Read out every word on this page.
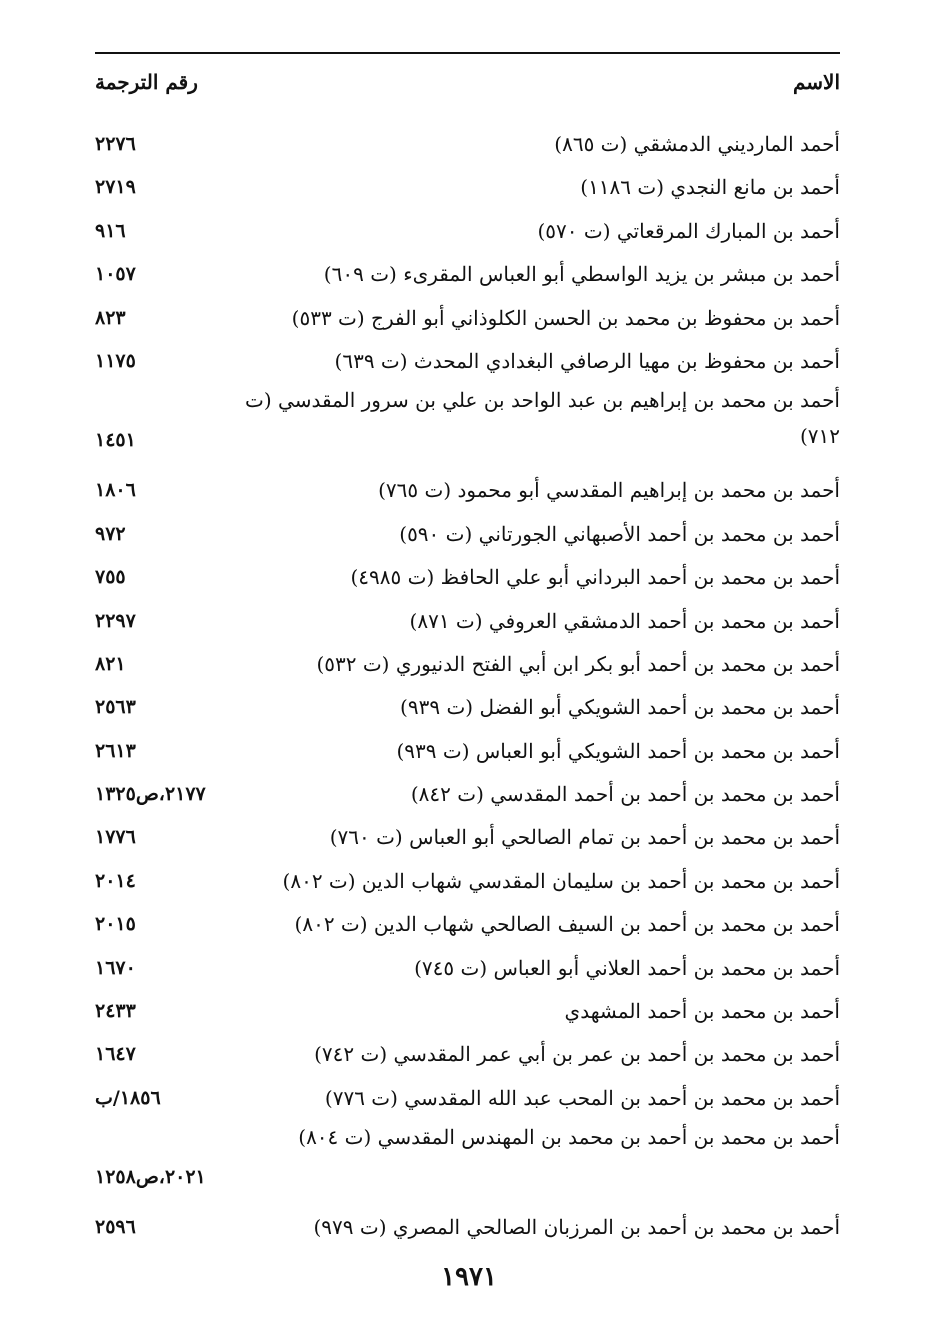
الاسم
رقم الترجمة
أحمد المارديني الدمشقي (ت ٨٦٥)
٢٢٧٦
أحمد بن مانع النجدي (ت ١١٨٦)
٢٧١٩
أحمد بن المبارك المرقعاتي (ت ٥٧٠)
٩١٦
أحمد بن مبشر بن يزيد الواسطي أبو العباس المقرىء (ت ٦٠٩)
١٠٥٧
أحمد بن محفوظ بن محمد بن الحسن الكلوذاني أبو الفرج (ت ٥٣٣)
٨٢٣
أحمد بن محفوظ بن مهيا الرصافي البغدادي المحدث (ت ٦٣٩)
١١٧٥
أحمد بن محمد بن إبراهيم بن عبد الواحد بن علي بن سرور المقدسي (ت ٧١٢)
١٤٥١
أحمد بن محمد بن إبراهيم المقدسي أبو محمود (ت ٧٦٥)
١٨٠٦
أحمد بن محمد بن أحمد الأصبهاني الجورتاني (ت ٥٩٠)
٩٧٢
أحمد بن محمد بن أحمد البرداني أبو علي الحافظ (ت ٤٩٨٥)
٧٥٥
أحمد بن محمد بن أحمد الدمشقي العروفي (ت ٨٧١)
٢٢٩٧
أحمد بن محمد بن أحمد أبو بكر ابن أبي الفتح الدنيوري (ت ٥٣٢)
٨٢١
أحمد بن محمد بن أحمد الشويكي أبو الفضل (ت ٩٣٩)
٢٥٦٣
أحمد بن محمد بن أحمد الشويكي أبو العباس (ت ٩٣٩)
٢٦١٣
أحمد بن محمد بن أحمد بن أحمد المقدسي (ت ٨٤٢)
٢١٧٧،ص١٣٢٥
أحمد بن محمد بن أحمد بن تمام الصالحي أبو العباس (ت ٧٦٠)
١٧٧٦
أحمد بن محمد بن أحمد بن سليمان المقدسي شهاب الدين (ت ٨٠٢)
٢٠١٤
أحمد بن محمد بن أحمد بن السيف الصالحي شهاب الدين (ت ٨٠٢)
٢٠١٥
أحمد بن محمد بن أحمد العلاني أبو العباس (ت ٧٤٥)
١٦٧٠
أحمد بن محمد بن أحمد المشهدي
٢٤٣٣
أحمد بن محمد بن أحمد بن عمر بن أبي عمر المقدسي (ت ٧٤٢)
١٦٤٧
أحمد بن محمد بن أحمد بن المحب عبد الله المقدسي (ت ٧٧٦)
١٨٥٦/ب
أحمد بن محمد بن أحمد بن محمد بن المهندس المقدسي (ت ٨٠٤)
٢٠٢١،ص١٢٥٨
أحمد بن محمد بن أحمد بن المرزبان الصالحي المصري (ت ٩٧٩)
٢٥٩٦
١٩٧١
